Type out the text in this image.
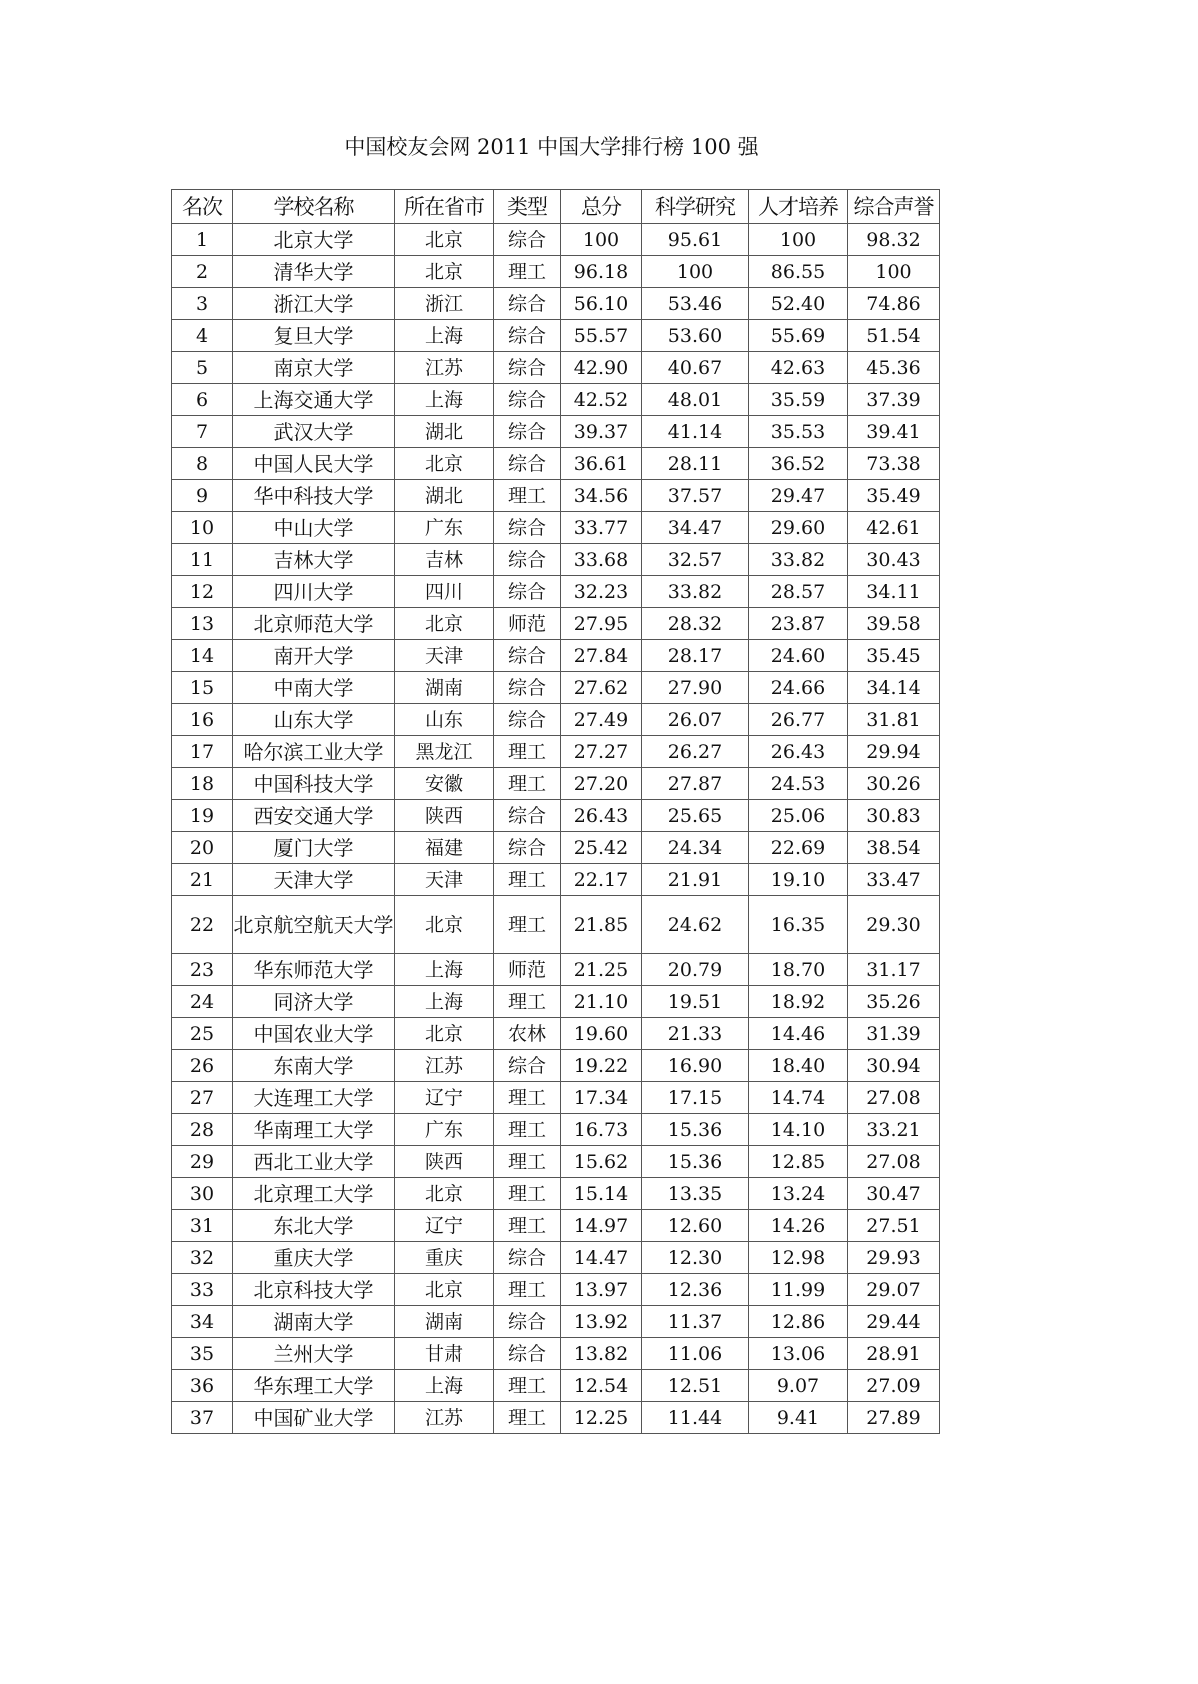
中国校友会网 2011 中国大学排行榜 100 强
名次	学校名称	所在省市	类型	总分	科学研究	人才培养	综合声誉
1	北京大学	北京	综合	100	95.61	100	98.32
2	清华大学	北京	理工	96.18	100	86.55	100
3	浙江大学	浙江	综合	56.10	53.46	52.40	74.86
4	复旦大学	上海	综合	55.57	53.60	55.69	51.54
5	南京大学	江苏	综合	42.90	40.67	42.63	45.36
6	上海交通大学	上海	综合	42.52	48.01	35.59	37.39
7	武汉大学	湖北	综合	39.37	41.14	35.53	39.41
8	中国人民大学	北京	综合	36.61	28.11	36.52	73.38
9	华中科技大学	湖北	理工	34.56	37.57	29.47	35.49
10	中山大学	广东	综合	33.77	34.47	29.60	42.61
11	吉林大学	吉林	综合	33.68	32.57	33.82	30.43
12	四川大学	四川	综合	32.23	33.82	28.57	34.11
13	北京师范大学	北京	师范	27.95	28.32	23.87	39.58
14	南开大学	天津	综合	27.84	28.17	24.60	35.45
15	中南大学	湖南	综合	27.62	27.90	24.66	34.14
16	山东大学	山东	综合	27.49	26.07	26.77	31.81
17	哈尔滨工业大学	黑龙江	理工	27.27	26.27	26.43	29.94
18	中国科技大学	安徽	理工	27.20	27.87	24.53	30.26
19	西安交通大学	陕西	综合	26.43	25.65	25.06	30.83
20	厦门大学	福建	综合	25.42	24.34	22.69	38.54
21	天津大学	天津	理工	22.17	21.91	19.10	33.47
22	北京航空航天大学	北京	理工	21.85	24.62	16.35	29.30
23	华东师范大学	上海	师范	21.25	20.79	18.70	31.17
24	同济大学	上海	理工	21.10	19.51	18.92	35.26
25	中国农业大学	北京	农林	19.60	21.33	14.46	31.39
26	东南大学	江苏	综合	19.22	16.90	18.40	30.94
27	大连理工大学	辽宁	理工	17.34	17.15	14.74	27.08
28	华南理工大学	广东	理工	16.73	15.36	14.10	33.21
29	西北工业大学	陕西	理工	15.62	15.36	12.85	27.08
30	北京理工大学	北京	理工	15.14	13.35	13.24	30.47
31	东北大学	辽宁	理工	14.97	12.60	14.26	27.51
32	重庆大学	重庆	综合	14.47	12.30	12.98	29.93
33	北京科技大学	北京	理工	13.97	12.36	11.99	29.07
34	湖南大学	湖南	综合	13.92	11.37	12.86	29.44
35	兰州大学	甘肃	综合	13.82	11.06	13.06	28.91
36	华东理工大学	上海	理工	12.54	12.51	9.07	27.09
37	中国矿业大学	江苏	理工	12.25	11.44	9.41	27.89
